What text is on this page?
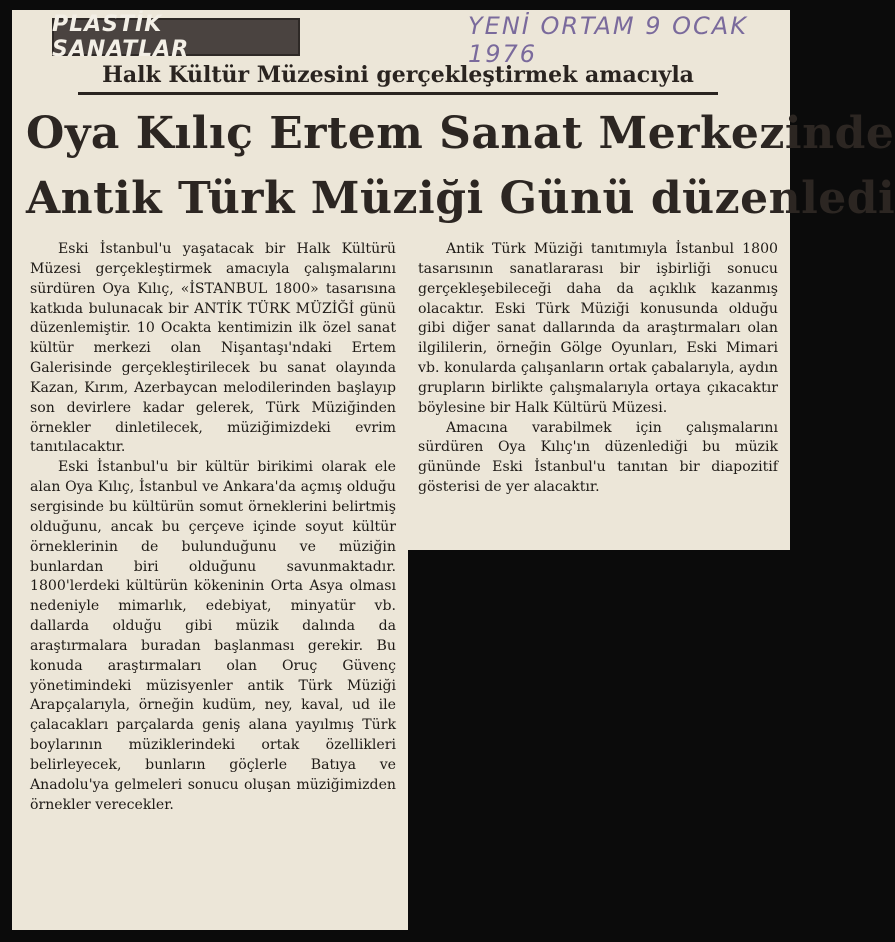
PLASTİK SANATLAR
YENİ ORTAM 9 OCAK 1976
Halk Kültür Müzesini gerçekleştirmek amacıyla
Oya Kılıç Ertem Sanat Merkezinde
Antik Türk Müziği Günü düzenledi

Eski İstanbul'u yaşatacak bir Halk Kültürü Müzesi gerçekleştirmek amacıyla çalışmalarını sürdüren Oya Kılıç, «İSTANBUL 1800» tasarısına katkıda bulunacak bir ANTİK TÜRK MÜZİĞİ günü düzenlemiştir. 10 Ocakta kentimizin ilk özel sanat kültür merkezi olan Nişantaşı'ndaki Ertem Galerisinde gerçekleştirilecek bu sanat olayında Kazan, Kırım, Azerbaycan melodilerinden başlayıp son devirlere kadar gelerek, Türk Müziğinden örnekler dinletilecek, müziğimizdeki evrim tanıtılacaktır.

Eski İstanbul'u bir kültür birikimi olarak ele alan Oya Kılıç, İstanbul ve Ankara'da açmış olduğu sergisinde bu kültürün somut örneklerini belirtmiş olduğunu, ancak bu çerçeve içinde soyut kültür örneklerinin de bulunduğunu ve müziğin bunlardan biri olduğunu savunmaktadır. 1800'lerdeki kültürün kökeninin Orta Asya olması nedeniyle mimarlık, edebiyat, minyatür vb. dallarda olduğu gibi müzik dalında da araştırmalara buradan başlanması gerekir. Bu konuda araştırmaları olan Oruç Güvenç yönetimindeki müzisyenler antik Türk Müziği Arapçalarıyla, örneğin kudüm, ney, kaval, ud ile çalacakları parçalarda geniş alana yayılmış Türk boylarının müziklerindeki ortak özellikleri belirleyecek, bunların göçlerle Batıya ve Anadolu'ya gelmeleri sonucu oluşan müziğimizden örnekler verecekler.

Antik Türk Müziği tanıtımıyla İstanbul 1800 tasarısının sanatlararası bir işbirliği sonucu gerçekleşebileceği daha da açıklık kazanmış olacaktır. Eski Türk Müziği konusunda olduğu gibi diğer sanat dallarında da araştırmaları olan ilgililerin, örneğin Gölge Oyunları, Eski Mimari vb. konularda çalışanların ortak çabalarıyla, aydın grupların birlikte çalışmalarıyla ortaya çıkacaktır böylesine bir Halk Kültürü Müzesi.

Amacına varabilmek için çalışmalarını sürdüren Oya Kılıç'ın düzenlediği bu müzik gününde Eski İstanbul'u tanıtan bir diapozitif gösterisi de yer alacaktır.
